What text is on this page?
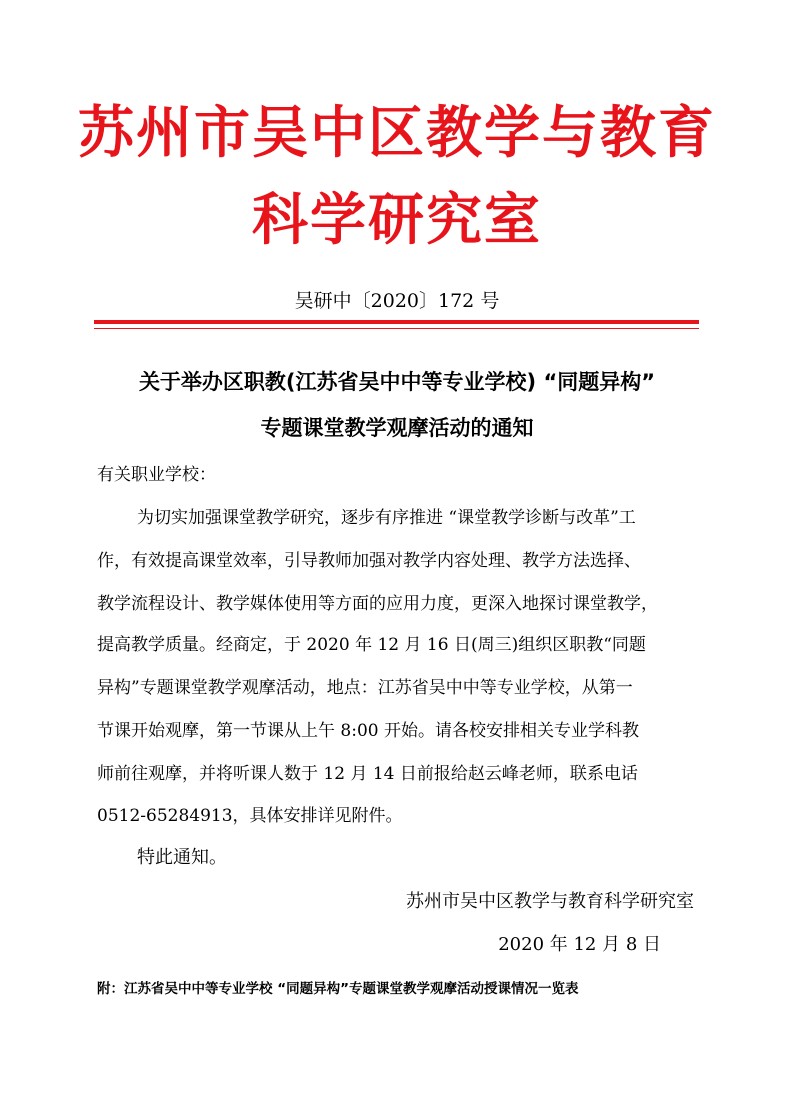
苏州市吴中区教学与教育
科学研究室
吴研中〔2020〕172 号
关于举办区职教(江苏省吴中中等专业学校) “同题异构”
专题课堂教学观摩活动的通知
有关职业学校：
为切实加强课堂教学研究，逐步有序推进 “课堂教学诊断与改革”工
作，有效提高课堂效率，引导教师加强对教学内容处理、教学方法选择、
教学流程设计、教学媒体使用等方面的应用力度，更深入地探讨课堂教学，
提高教学质量。经商定，于 2020 年 12 月 16 日(周三)组织区职教“同题
异构”专题课堂教学观摩活动，地点：江苏省吴中中等专业学校，从第一
节课开始观摩，第一节课从上午 8:00 开始。请各校安排相关专业学科教
师前往观摩，并将听课人数于 12 月 14 日前报给赵云峰老师，联系电话
0512-65284913，具体安排详见附件。
特此通知。
苏州市吴中区教学与教育科学研究室
2020 年 12 月 8 日
附：江苏省吴中中等专业学校 “同题异构”专题课堂教学观摩活动授课情况一览表
